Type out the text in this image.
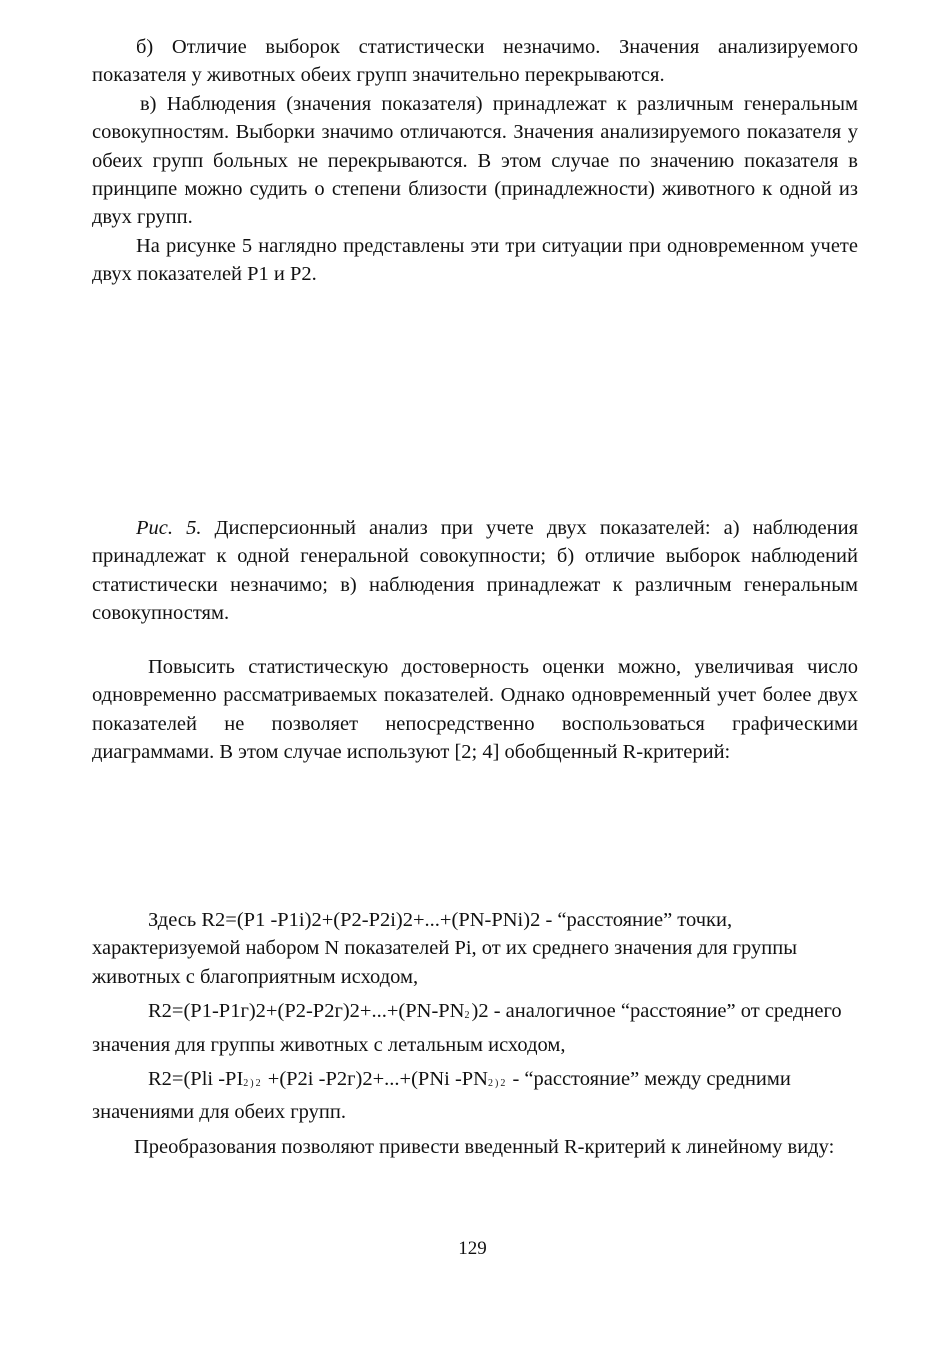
б) Отличие выборок статистически незначимо. Значения анализируемого показателя у животных обеих групп значительно перекрываются.

в) Наблюдения (значения показателя) принадлежат к различным генеральным совокупностям. Выборки значимо отличаются. Значения анализируемого показателя у обеих групп больных не перекрываются. В этом случае по значению показателя в принципе можно судить о степени близости (принадлежности) животного к одной из двух групп.

На рисунке 5 наглядно представлены эти три ситуации при одновременном учете двух показателей P1 и P2.

Рис. 5. Дисперсионный анализ при учете двух показателей: а) наблюдения принадлежат к одной генеральной совокупности; б) отличие выборок наблюдений статистически незначимо; в) наблюдения принадлежат к различным генеральным совокупностям.

Повысить статистическую достоверность оценки можно, увеличивая число одновременно рассматриваемых показателей. Однако одновременный учет более двух показателей не позволяет непосредственно воспользоваться графическими диаграммами. В этом случае используют [2; 4] обобщенный R-критерий:

Здесь R2=(P1 -P1i)2+(P2-P2i)2+...+(PN-PNi)2 - “расстояние” точки, характеризуемой набором N показателей Pi, от их среднего значения для группы животных с благоприятным исходом,

R2=(P1-P1г)2+(P2-P2г)2+...+(PN-PN2)2 - аналогичное “расстояние” от среднего значения для группы животных с летальным исходом,

R2=(Pli -PI2)2 +(P2i -P2г)2+...+(PNi -PN2)2 - “расстояние” между средними значениями для обеих групп.

Преобразования позволяют привести введенный R-критерий к линейному виду:

129
